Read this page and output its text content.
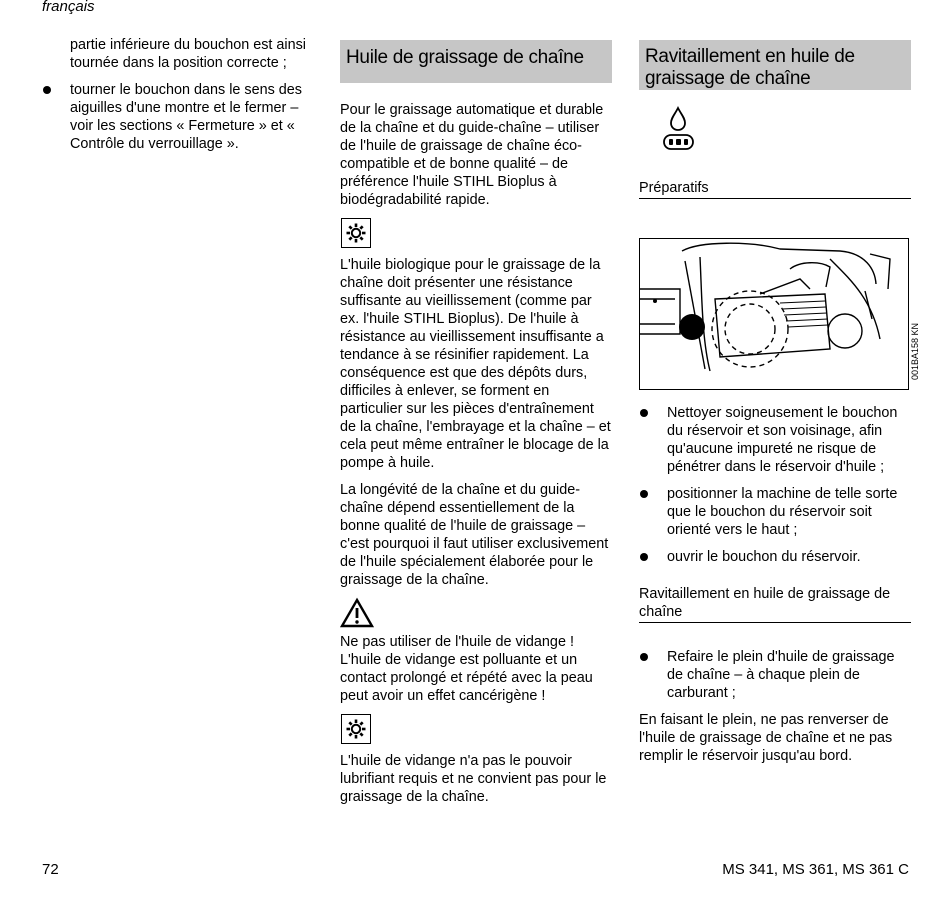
français

partie inférieure du bouchon est ainsi tournée dans la position correcte ;

tourner le bouchon dans le sens des aiguilles d'une montre et le fermer – voir les sections « Fermeture » et « Contrôle du verrouillage ».
Huile de graissage de chaîne

Pour le graissage automatique et durable de la chaîne et du guide-chaîne – utiliser de l'huile de graissage de chaîne éco-compatible et de bonne qualité – de préférence l'huile STIHL Bioplus à biodégradabilité rapide.

L'huile biologique pour le graissage de la chaîne doit présenter une résistance suffisante au vieillissement (comme par ex. l'huile STIHL Bioplus). De l'huile à résistance au vieillissement insuffisante a tendance à se résinifier rapidement. La conséquence est que des dépôts durs, difficiles à enlever, se forment en particulier sur les pièces d'entraînement de la chaîne, l'embrayage et la chaîne – et cela peut même entraîner le blocage de la pompe à huile.

La longévité de la chaîne et du guide-chaîne dépend essentiellement de la bonne qualité de l'huile de graissage – c'est pourquoi il faut utiliser exclusivement de l'huile spécialement élaborée pour le graissage de la chaîne.

Ne pas utiliser de l'huile de vidange !

L'huile de vidange est polluante et un contact prolongé et répété avec la peau peut avoir un effet cancérigène !

L'huile de vidange n'a pas le pouvoir lubrifiant requis et ne convient pas pour le graissage de la chaîne.

Ravitaillement en huile de graissage de chaîne
Préparatifs
001BA158 KN
Nettoyer soigneusement le bouchon du réservoir et son voisinage, afin qu'aucune impureté ne risque de pénétrer dans le réservoir d'huile ;
positionner la machine de telle sorte que le bouchon du réservoir soit orienté vers le haut ;
ouvrir le bouchon du réservoir.
Ravitaillement en huile de graissage de chaîne
Refaire le plein d'huile de graissage de chaîne – à chaque plein de carburant ;

En faisant le plein, ne pas renverser de l'huile de graissage de chaîne et ne pas remplir le réservoir jusqu'au bord.

72	MS 341, MS 361, MS 361 C
